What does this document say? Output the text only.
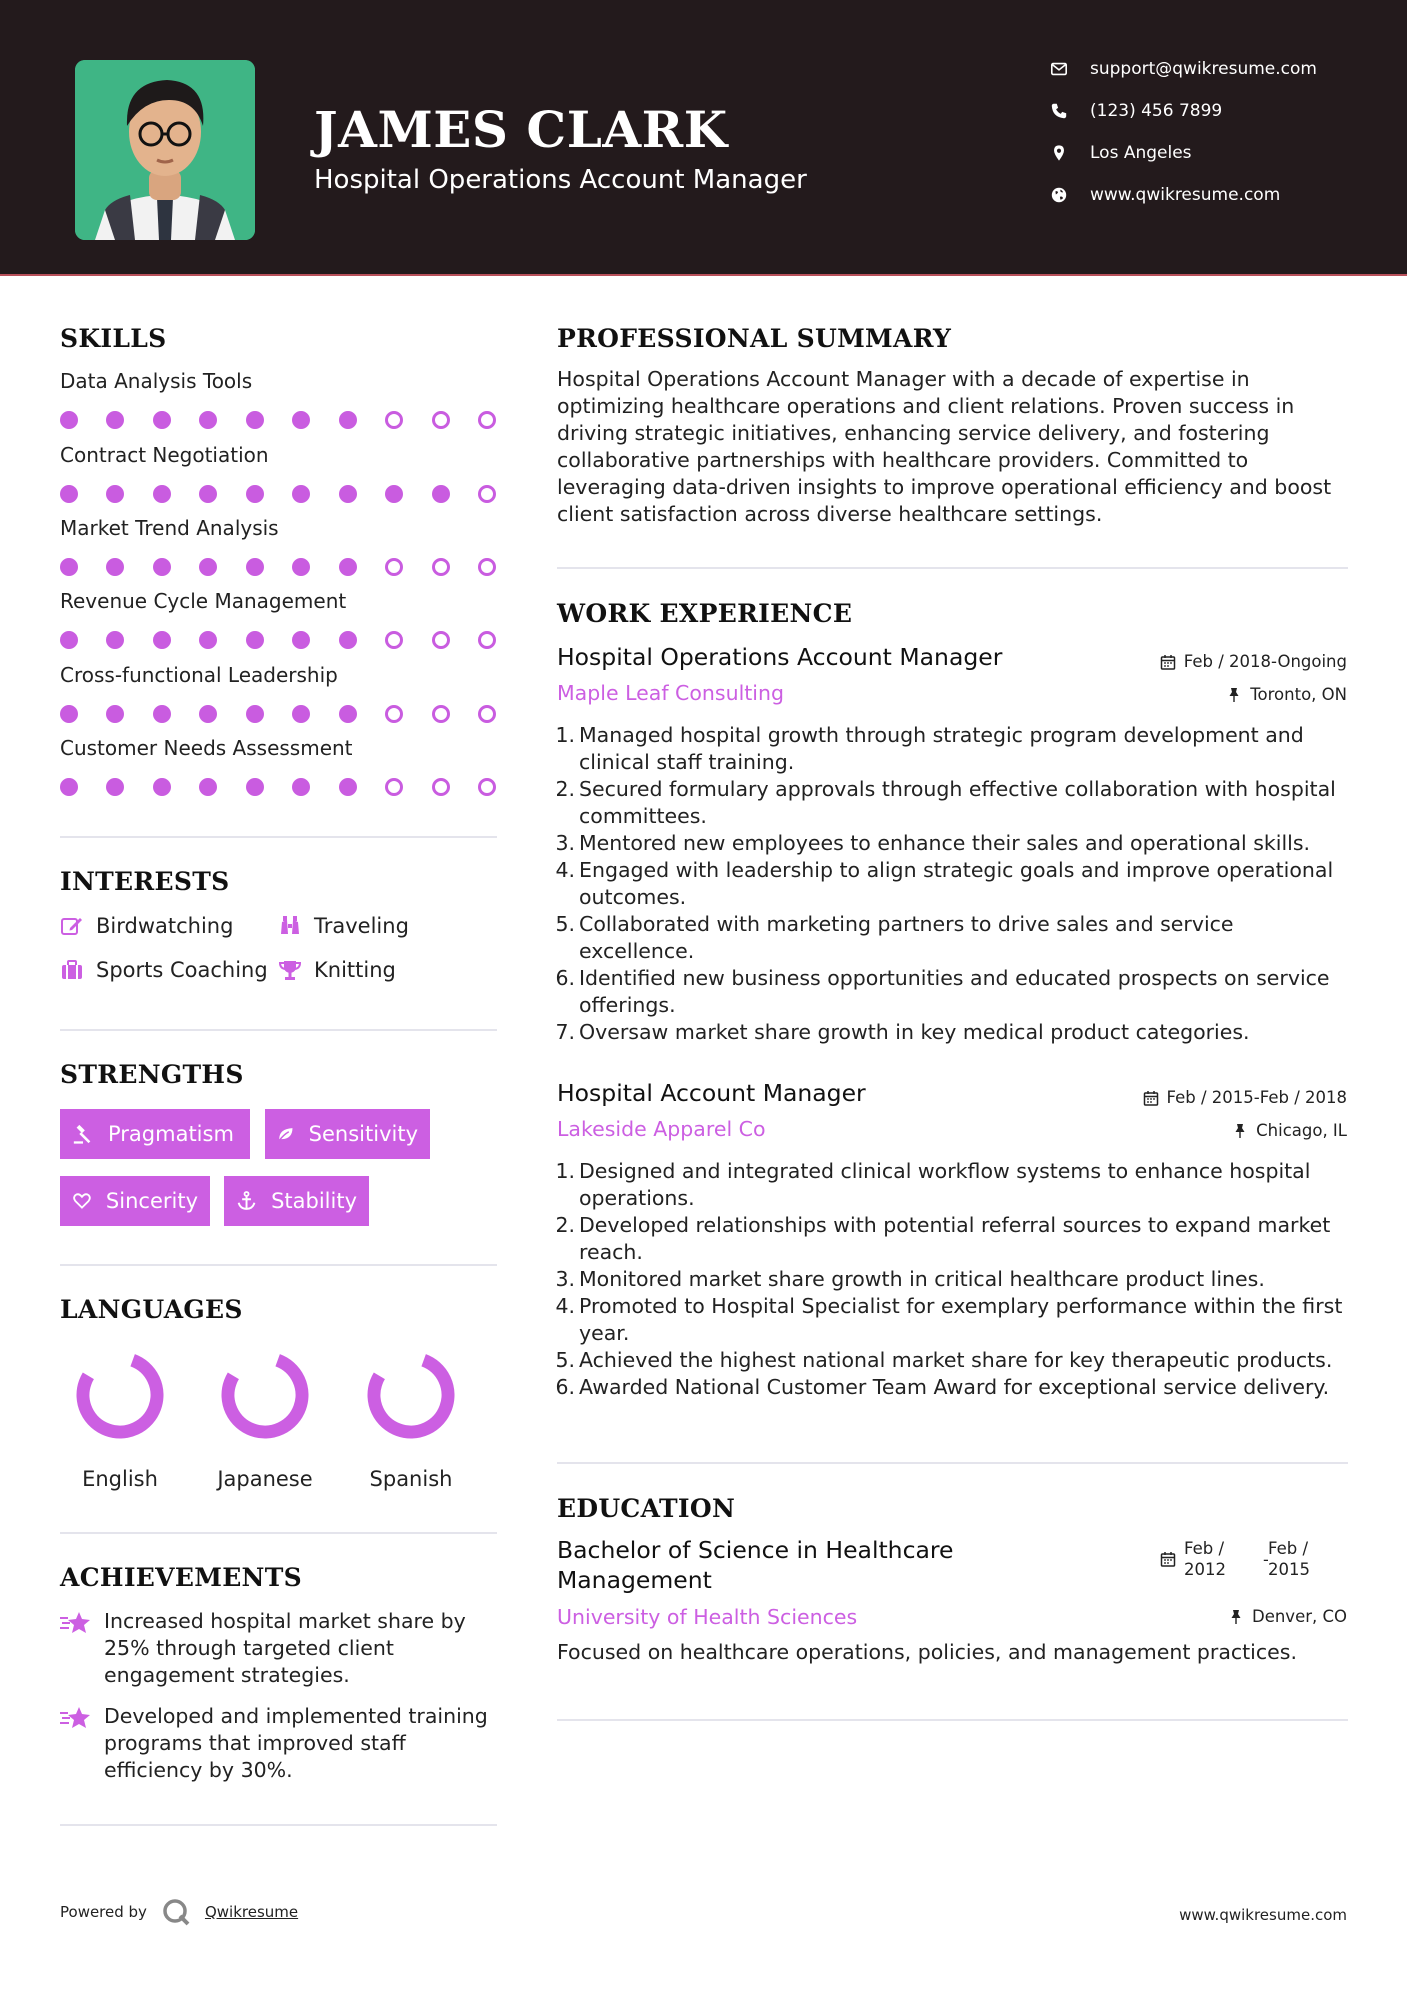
JAMES CLARK
Hospital Operations Account Manager
support@qwikresume.com
(123) 456 7899
Los Angeles
www.qwikresume.com
SKILLS
Data Analysis Tools
Contract Negotiation
Market Trend Analysis
Revenue Cycle Management
Cross-functional Leadership
Customer Needs Assessment
INTERESTS
Birdwatching	Traveling
Sports Coaching Knitting
STRENGTHS
Pragmatism	Sensitivity
Sincerity	Stability
LANGUAGES
English	Japanese	Spanish
ACHIEVEMENTS
Increased hospital market share by 25% through targeted client engagement strategies.
Developed and implemented training programs that improved staff efficiency by 30%.
PROFESSIONAL SUMMARY
Hospital Operations Account Manager with a decade of expertise in optimizing healthcare operations and client relations. Proven success in driving strategic initiatives, enhancing service delivery, and fostering collaborative partnerships with healthcare providers. Committed to leveraging data-driven insights to improve operational efficiency and boost client satisfaction across diverse healthcare settings.
WORK EXPERIENCE
Hospital Operations Account Manager	Feb / 2018-Ongoing
Maple Leaf Consulting	Toronto, ON
1. Managed hospital growth through strategic program development and clinical staff training.
2. Secured formulary approvals through effective collaboration with hospital committees.
3. Mentored new employees to enhance their sales and operational skills.
4. Engaged with leadership to align strategic goals and improve operational outcomes.
5. Collaborated with marketing partners to drive sales and service excellence.
6. Identified new business opportunities and educated prospects on service offerings.
7. Oversaw market share growth in key medical product categories.
Hospital Account Manager	Feb / 2015-Feb / 2018
Lakeside Apparel Co	Chicago, IL
1. Designed and integrated clinical workflow systems to enhance hospital operations.
2. Developed relationships with potential referral sources to expand market reach.
3. Monitored market share growth in critical healthcare product lines.
4. Promoted to Hospital Specialist for exemplary performance within the first year.
5. Achieved the highest national market share for key therapeutic products.
6. Awarded National Customer Team Award for exceptional service delivery.
EDUCATION
Bachelor of Science in Healthcare
Management
Feb /
2012
-
Feb /
2015
University of Health Sciences	Denver, CO
Focused on healthcare operations, policies, and management practices.
Powered by	Qwikresume	www.qwikresume.com
